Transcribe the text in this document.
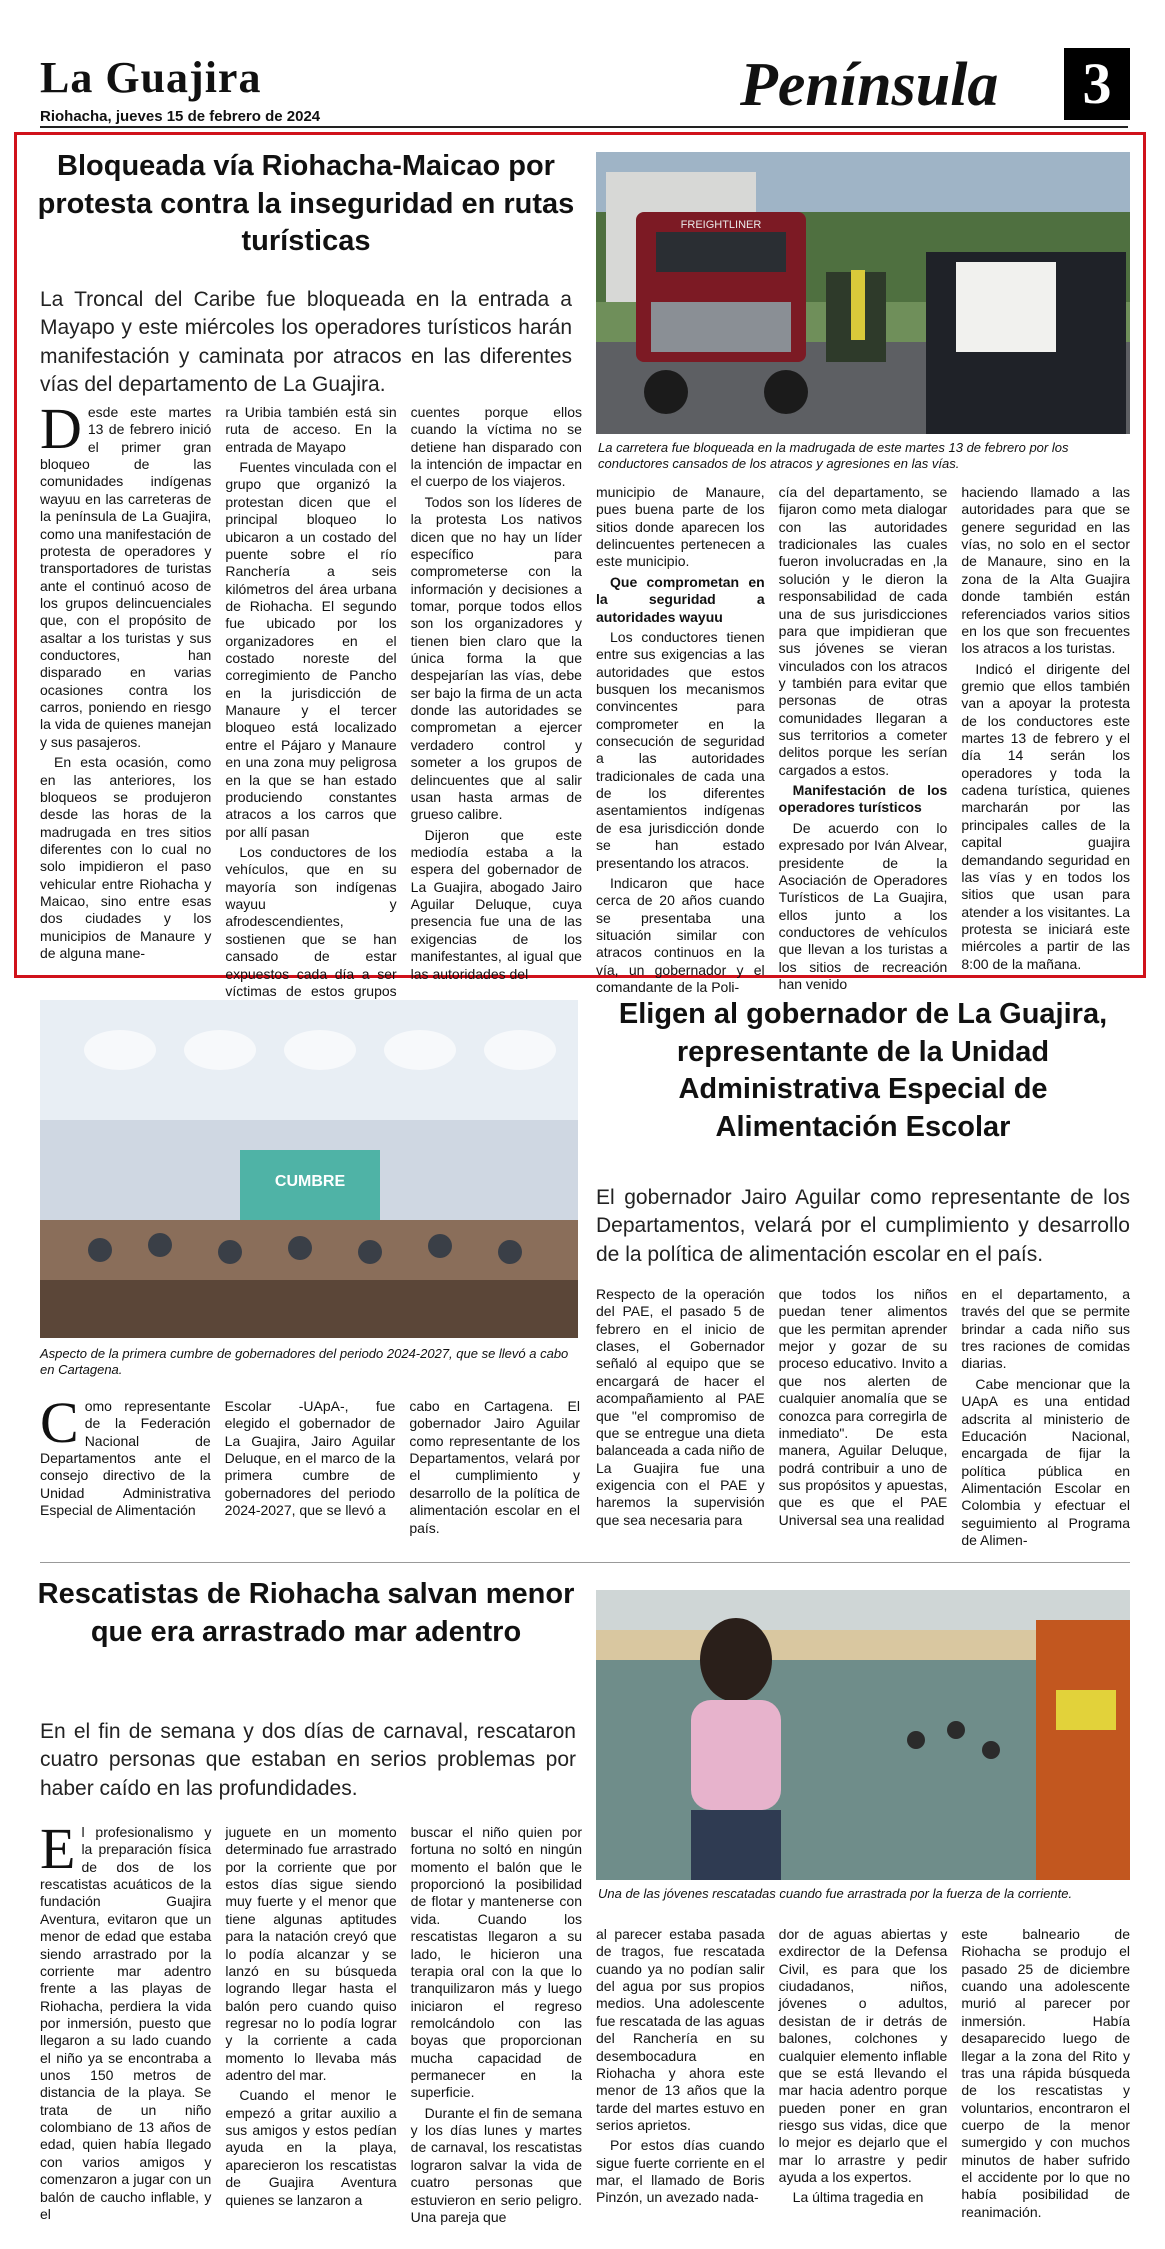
La Guajira
Riohacha, jueves 15 de febrero de 2024	Península	3
Bloqueada vía Riohacha-Maicao por protesta contra la inseguridad en rutas turísticas
La Troncal del Caribe fue bloqueada en la entrada a Mayapo y este miércoles los operadores turísticos harán manifestación y caminata por atracos en las diferentes vías del departamento de La Guajira.
FREIGHTLINER
La carretera fue bloqueada en la madrugada de este martes 13 de febrero por los conductores cansados de los atracos y agresiones en las vías.

Desde este martes 13 de febrero inició el primer gran bloqueo de las comunidades indígenas wayuu en las carreteras de la península de La Guajira, como una manifestación de protesta de operadores y transportadores de turistas ante el continuó acoso de los grupos delincuenciales que, con el propósito de asaltar a los turistas y sus conductores, han disparado en varias ocasiones contra los carros, poniendo en riesgo la vida de quienes manejan y sus pasajeros.

En esta ocasión, como en las anteriores, los bloqueos se produjeron desde las horas de la madrugada en tres sitios diferentes con lo cual no solo impidieron el paso vehicular entre Riohacha y Maicao, sino entre esas dos ciudades y los municipios de Manaure y de alguna mane-

ra Uribia también está sin ruta de acceso. En la entrada de Mayapo

Fuentes vinculada con el grupo que organizó la protestan dicen que el principal bloqueo lo ubicaron a un costado del puente sobre el río Ranchería a seis kilómetros del área urbana de Riohacha. El segundo fue ubicado por los organizadores en el costado noreste del corregimiento de Pancho en la jurisdicción de Manaure y el tercer bloqueo está localizado entre el Pájaro y Manaure en una zona muy peligrosa en la que se han estado produciendo constantes atracos a los carros que por allí pasan

Los conductores de los vehículos, que en su mayoría son indígenas wayuu y afrodescendientes, sostienen que se han cansado de estar expuestos cada día a ser víctimas de estos grupos

cuentes porque ellos cuando la víctima no se detiene han disparado con la intención de impactar en el cuerpo de los viajeros.

Todos son los líderes de la protesta Los nativos dicen que no hay un líder específico para comprometerse con la información y decisiones a tomar, porque todos ellos son los organizadores y tienen bien claro que la única forma la que despejarían las vías, debe ser bajo la firma de un acta donde las autoridades se comprometan a ejercer verdadero control y someter a los grupos de delincuentes que al salir usan hasta armas de grueso calibre.

Dijeron que este mediodía estaba a la espera del gobernador de La Guajira, abogado Jairo Aguilar Deluque, cuya presencia fue una de las exigencias de los manifestantes, al igual que las autoridades del

municipio de Manaure, pues buena parte de los sitios donde aparecen los delincuentes pertenecen a este municipio.

Que comprometan en la seguridad a autoridades wayuu

Los conductores tienen entre sus exigencias a las autoridades que estos busquen los mecanismos convincentes para comprometer en la consecución de seguridad a las autoridades tradicionales de cada una de los diferentes asentamientos indígenas de esa jurisdicción donde se han estado presentando los atracos.

Indicaron que hace cerca de 20 años cuando se presentaba una situación similar con atracos continuos en la vía, un gobernador y el comandante de la Poli-

cía del departamento, se fijaron como meta dialogar con las autoridades tradicionales las cuales fueron involucradas en ,la solución y le dieron la responsabilidad de cada una de sus jurisdicciones para que impidieran que sus jóvenes se vieran vinculados con los atracos y también para evitar que personas de otras comunidades llegaran a sus territorios a cometer delitos porque les serían cargados a estos.

Manifestación de los operadores turísticos

De acuerdo con lo expresado por Iván Alvear, presidente de la Asociación de Operadores Turísticos de La Guajira, ellos junto a los conductores de vehículos que llevan a los turistas a los sitios de recreación han venido

haciendo llamado a las autoridades para que se genere seguridad en las vías, no solo en el sector de Manaure, sino en la zona de la Alta Guajira donde también están referenciados varios sitios en los que son frecuentes los atracos a los turistas.

Indicó el dirigente del gremio que ellos también van a apoyar la protesta de los conductores este martes 13 de febrero y el día 14 serán los operadores y toda la cadena turística, quienes marcharán por las principales calles de la capital guajira demandando seguridad en las vías y en todos los sitios que usan para atender a los visitantes. La protesta se iniciará este miércoles a partir de las 8:00 de la mañana.

CUMBRE
Aspecto de la primera cumbre de gobernadores del periodo 2024-2027, que se llevó a cabo en Cartagena.
Eligen al gobernador de La Guajira, representante de la Unidad Administrativa Especial de Alimentación Escolar
El gobernador Jairo Aguilar como representante de los Departamentos, velará por el cumplimiento y desarrollo de la política de alimentación escolar en el país.

Como representante de la Federación Nacional de Departamentos ante el consejo directivo de la Unidad Administrativa Especial de Alimentación

Escolar -UApA-, fue elegido el gobernador de La Guajira, Jairo Aguilar Deluque, en el marco de la primera cumbre de gobernadores del periodo 2024-2027, que se llevó a

cabo en Cartagena. El gobernador Jairo Aguilar como representante de los Departamentos, velará por el cumplimiento y desarrollo de la política de alimentación escolar en el país.

Respecto de la operación del PAE, el pasado 5 de febrero en el inicio de clases, el Gobernador señaló al equipo que se encargará de hacer el acompañamiento al PAE que "el compromiso de que se entregue una dieta balanceada a cada niño de La Guajira fue una exigencia con el PAE y haremos la supervisión que sea necesaria para

que todos los niños puedan tener alimentos que les permitan aprender mejor y gozar de su proceso educativo. Invito a que nos alerten de cualquier anomalía que se conozca para corregirla de inmediato". De esta manera, Aguilar Deluque, podrá contribuir a uno de sus propósitos y apuestas, que es que el PAE Universal sea una realidad

en el departamento, a través del que se permite brindar a cada niño sus tres raciones de comidas diarias.

Cabe mencionar que la UApA es una entidad adscrita al ministerio de Educación Nacional, encargada de fijar la política pública en Alimentación Escolar en Colombia y efectuar el seguimiento al Programa de Alimen-

Rescatistas de Riohacha salvan menor que era arrastrado mar adentro
En el fin de semana y dos días de carnaval, rescataron cuatro personas que estaban en serios problemas por haber caído en las profundidades.
Una de las jóvenes rescatadas cuando fue arrastrada por la fuerza de la corriente.

El profesionalismo y la preparación física de dos de los rescatistas acuáticos de la fundación Guajira Aventura, evitaron que un menor de edad que estaba siendo arrastrado por la corriente mar adentro frente a las playas de Riohacha, perdiera la vida por inmersión, puesto que llegaron a su lado cuando el niño ya se encontraba a unos 150 metros de distancia de la playa. Se trata de un niño colombiano de 13 años de edad, quien había llegado con varios amigos y comenzaron a jugar con un balón de caucho inflable, y el

juguete en un momento determinado fue arrastrado por la corriente que por estos días sigue siendo muy fuerte y el menor que tiene algunas aptitudes para la natación creyó que lo podía alcanzar y se lanzó en su búsqueda logrando llegar hasta el balón pero cuando quiso regresar no lo podía lograr y la corriente a cada momento lo llevaba más adentro del mar.

Cuando el menor le empezó a gritar auxilio a sus amigos y estos pedían ayuda en la playa, aparecieron los rescatistas de Guajira Aventura quienes se lanzaron a

buscar el niño quien por fortuna no soltó en ningún momento el balón que le proporcionó la posibilidad de flotar y mantenerse con vida. Cuando los rescatistas llegaron a su lado, le hicieron una terapia oral con la que lo tranquilizaron más y luego iniciaron el regreso remolcándolo con las boyas que proporcionan mucha capacidad de permanecer en la superficie.

Durante el fin de semana y los días lunes y martes de carnaval, los rescatistas lograron salvar la vida de cuatro personas que estuvieron en serio peligro. Una pareja que

al parecer estaba pasada de tragos, fue rescatada cuando ya no podían salir del agua por sus propios medios. Una adolescente fue rescatada de las aguas del Ranchería en su desembocadura en Riohacha y ahora este menor de 13 años que la tarde del martes estuvo en serios aprietos.

Por estos días cuando sigue fuerte corriente en el mar, el llamado de Boris Pinzón, un avezado nada-

dor de aguas abiertas y exdirector de la Defensa Civil, es para que los ciudadanos, niños, jóvenes o adultos, desistan de ir detrás de balones, colchones y cualquier elemento inflable que se está llevando el mar hacia adentro porque pueden poner en gran riesgo sus vidas, dice que lo mejor es dejarlo que el mar lo arrastre y pedir ayuda a los expertos.

La última tragedia en

este balneario de Riohacha se produjo el pasado 25 de diciembre cuando una adolescente murió al parecer por inmersión. Había desaparecido luego de llegar a la zona del Rito y tras una rápida búsqueda de los rescatistas y voluntarios, encontraron el cuerpo de la menor sumergido y con muchos minutos de haber sufrido el accidente por lo que no había posibilidad de reanimación.
